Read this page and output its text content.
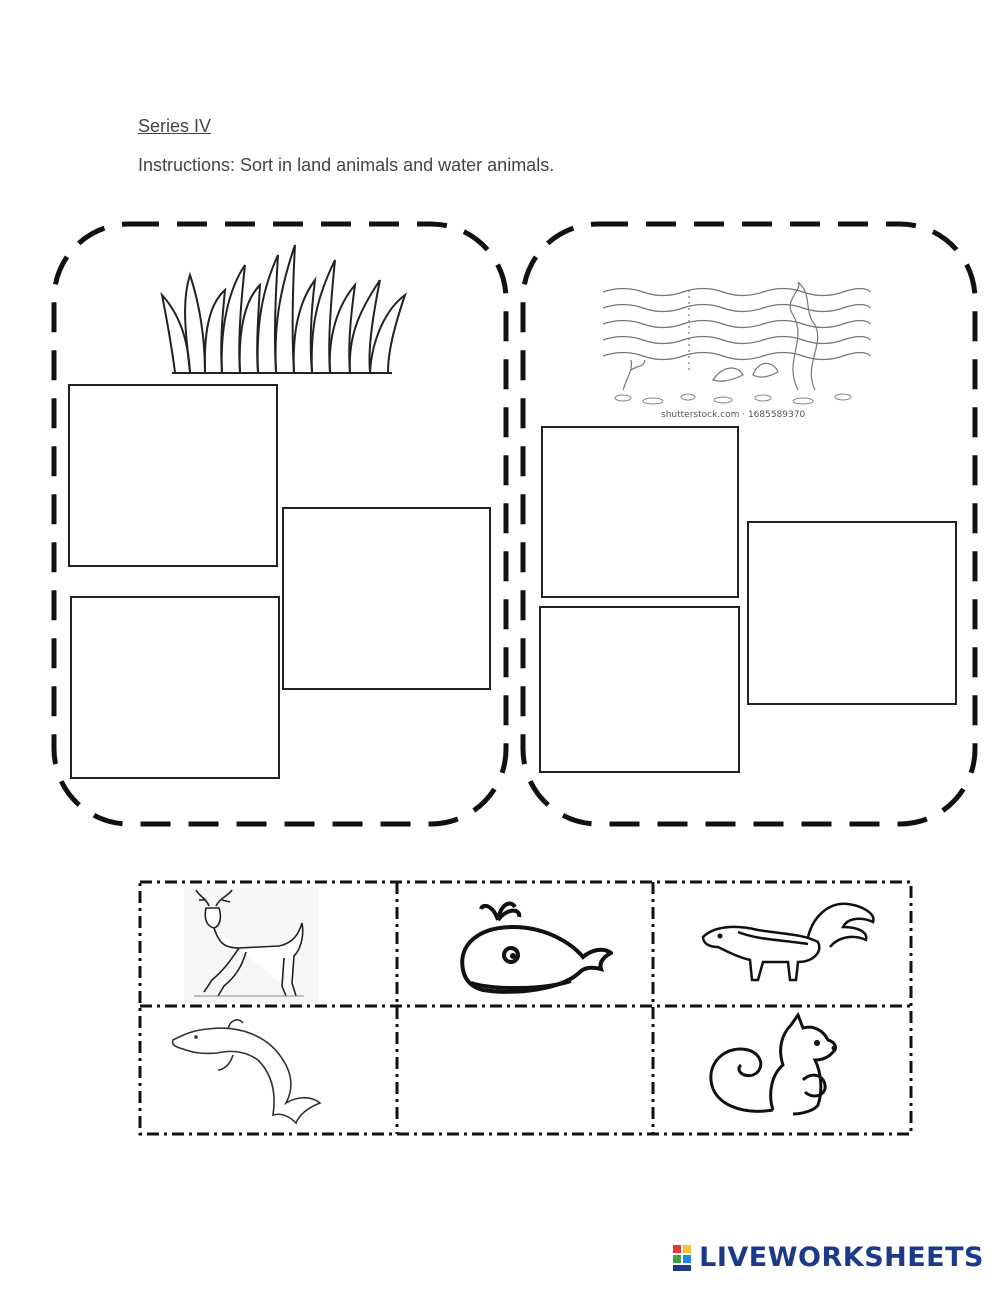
Series IV
Instructions: Sort in land animals and water animals.
shutterstock.com · 1685589370
LIVEWORKSHEETS
